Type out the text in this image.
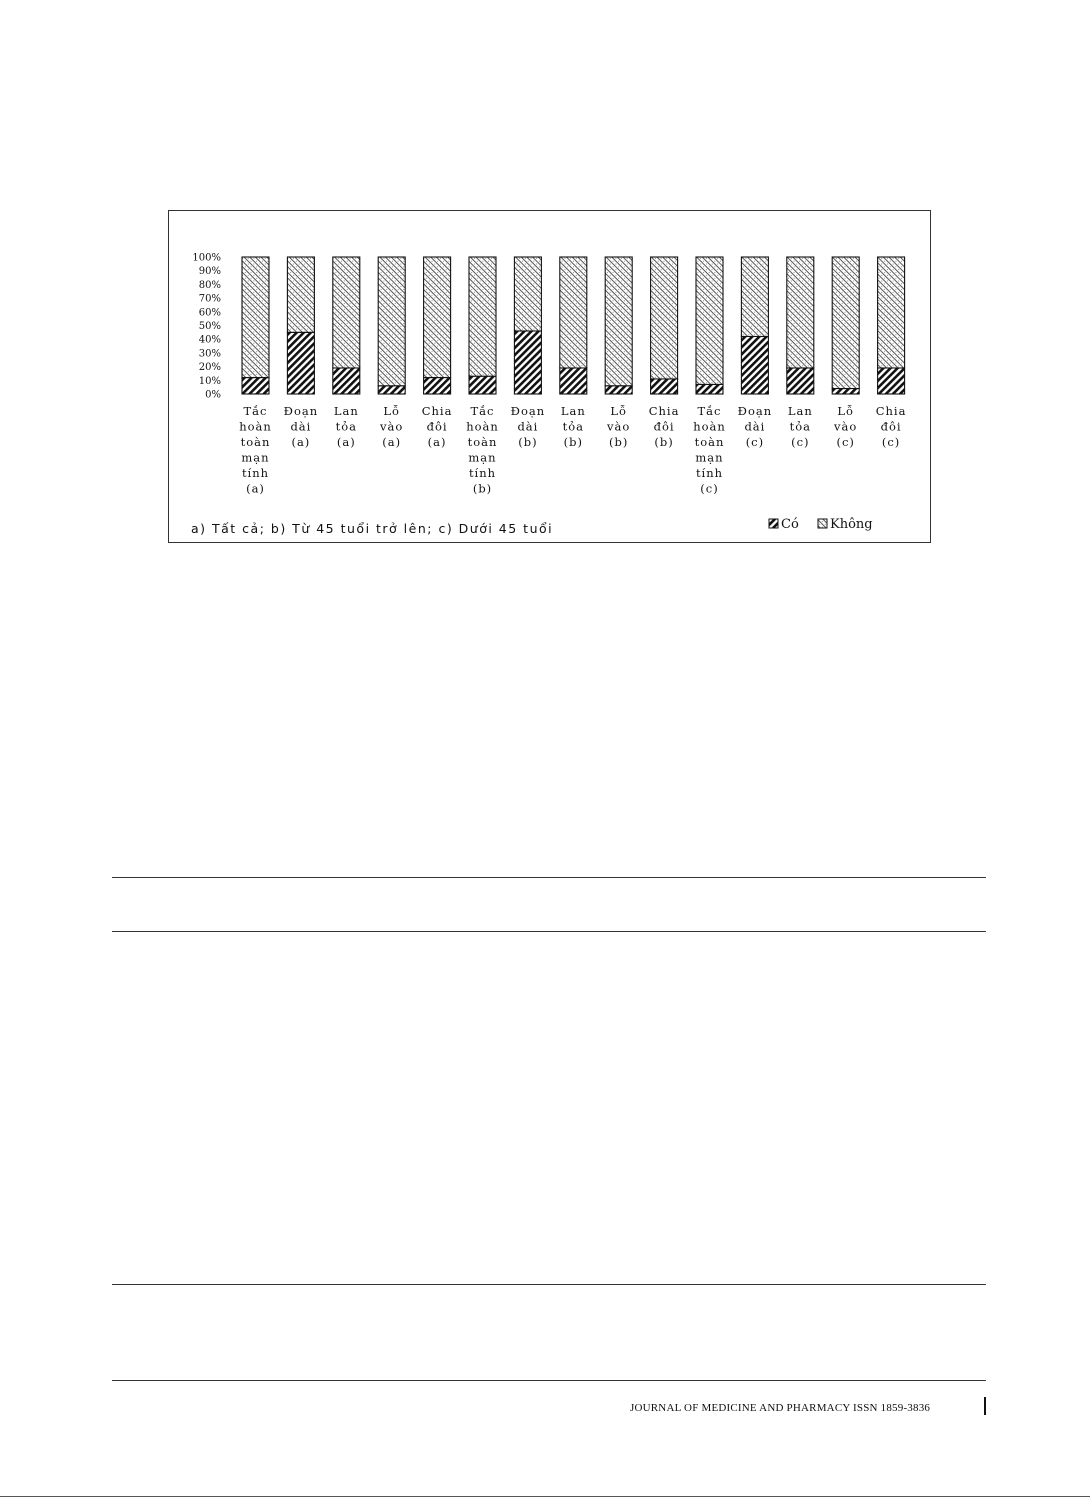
0%
10%
20%
30%
40%
50%
60%
70%
80%
90%
100%
Tắc hoàn toàn mạn tính (a)
Đoạn dài (a)
Lan tỏa (a)
Lỗ vào (a)
Chia đôi (a)
Tắc hoàn toàn mạn tính (b)
Đoạn dài (b)
Lan tỏa (b)
Lỗ vào (b)
Chia đôi (b)
Tắc hoàn toàn mạn tính (c)
Đoạn dài (c)
Lan tỏa (c)
Lỗ vào (c)
Chia đôi (c)
a) Tất cả; b) Từ 45 tuổi trở lên; c) Dưới 45 tuổi	Có Không
JOURNAL OF MEDICINE AND PHARMACY ISSN 1859-3836
